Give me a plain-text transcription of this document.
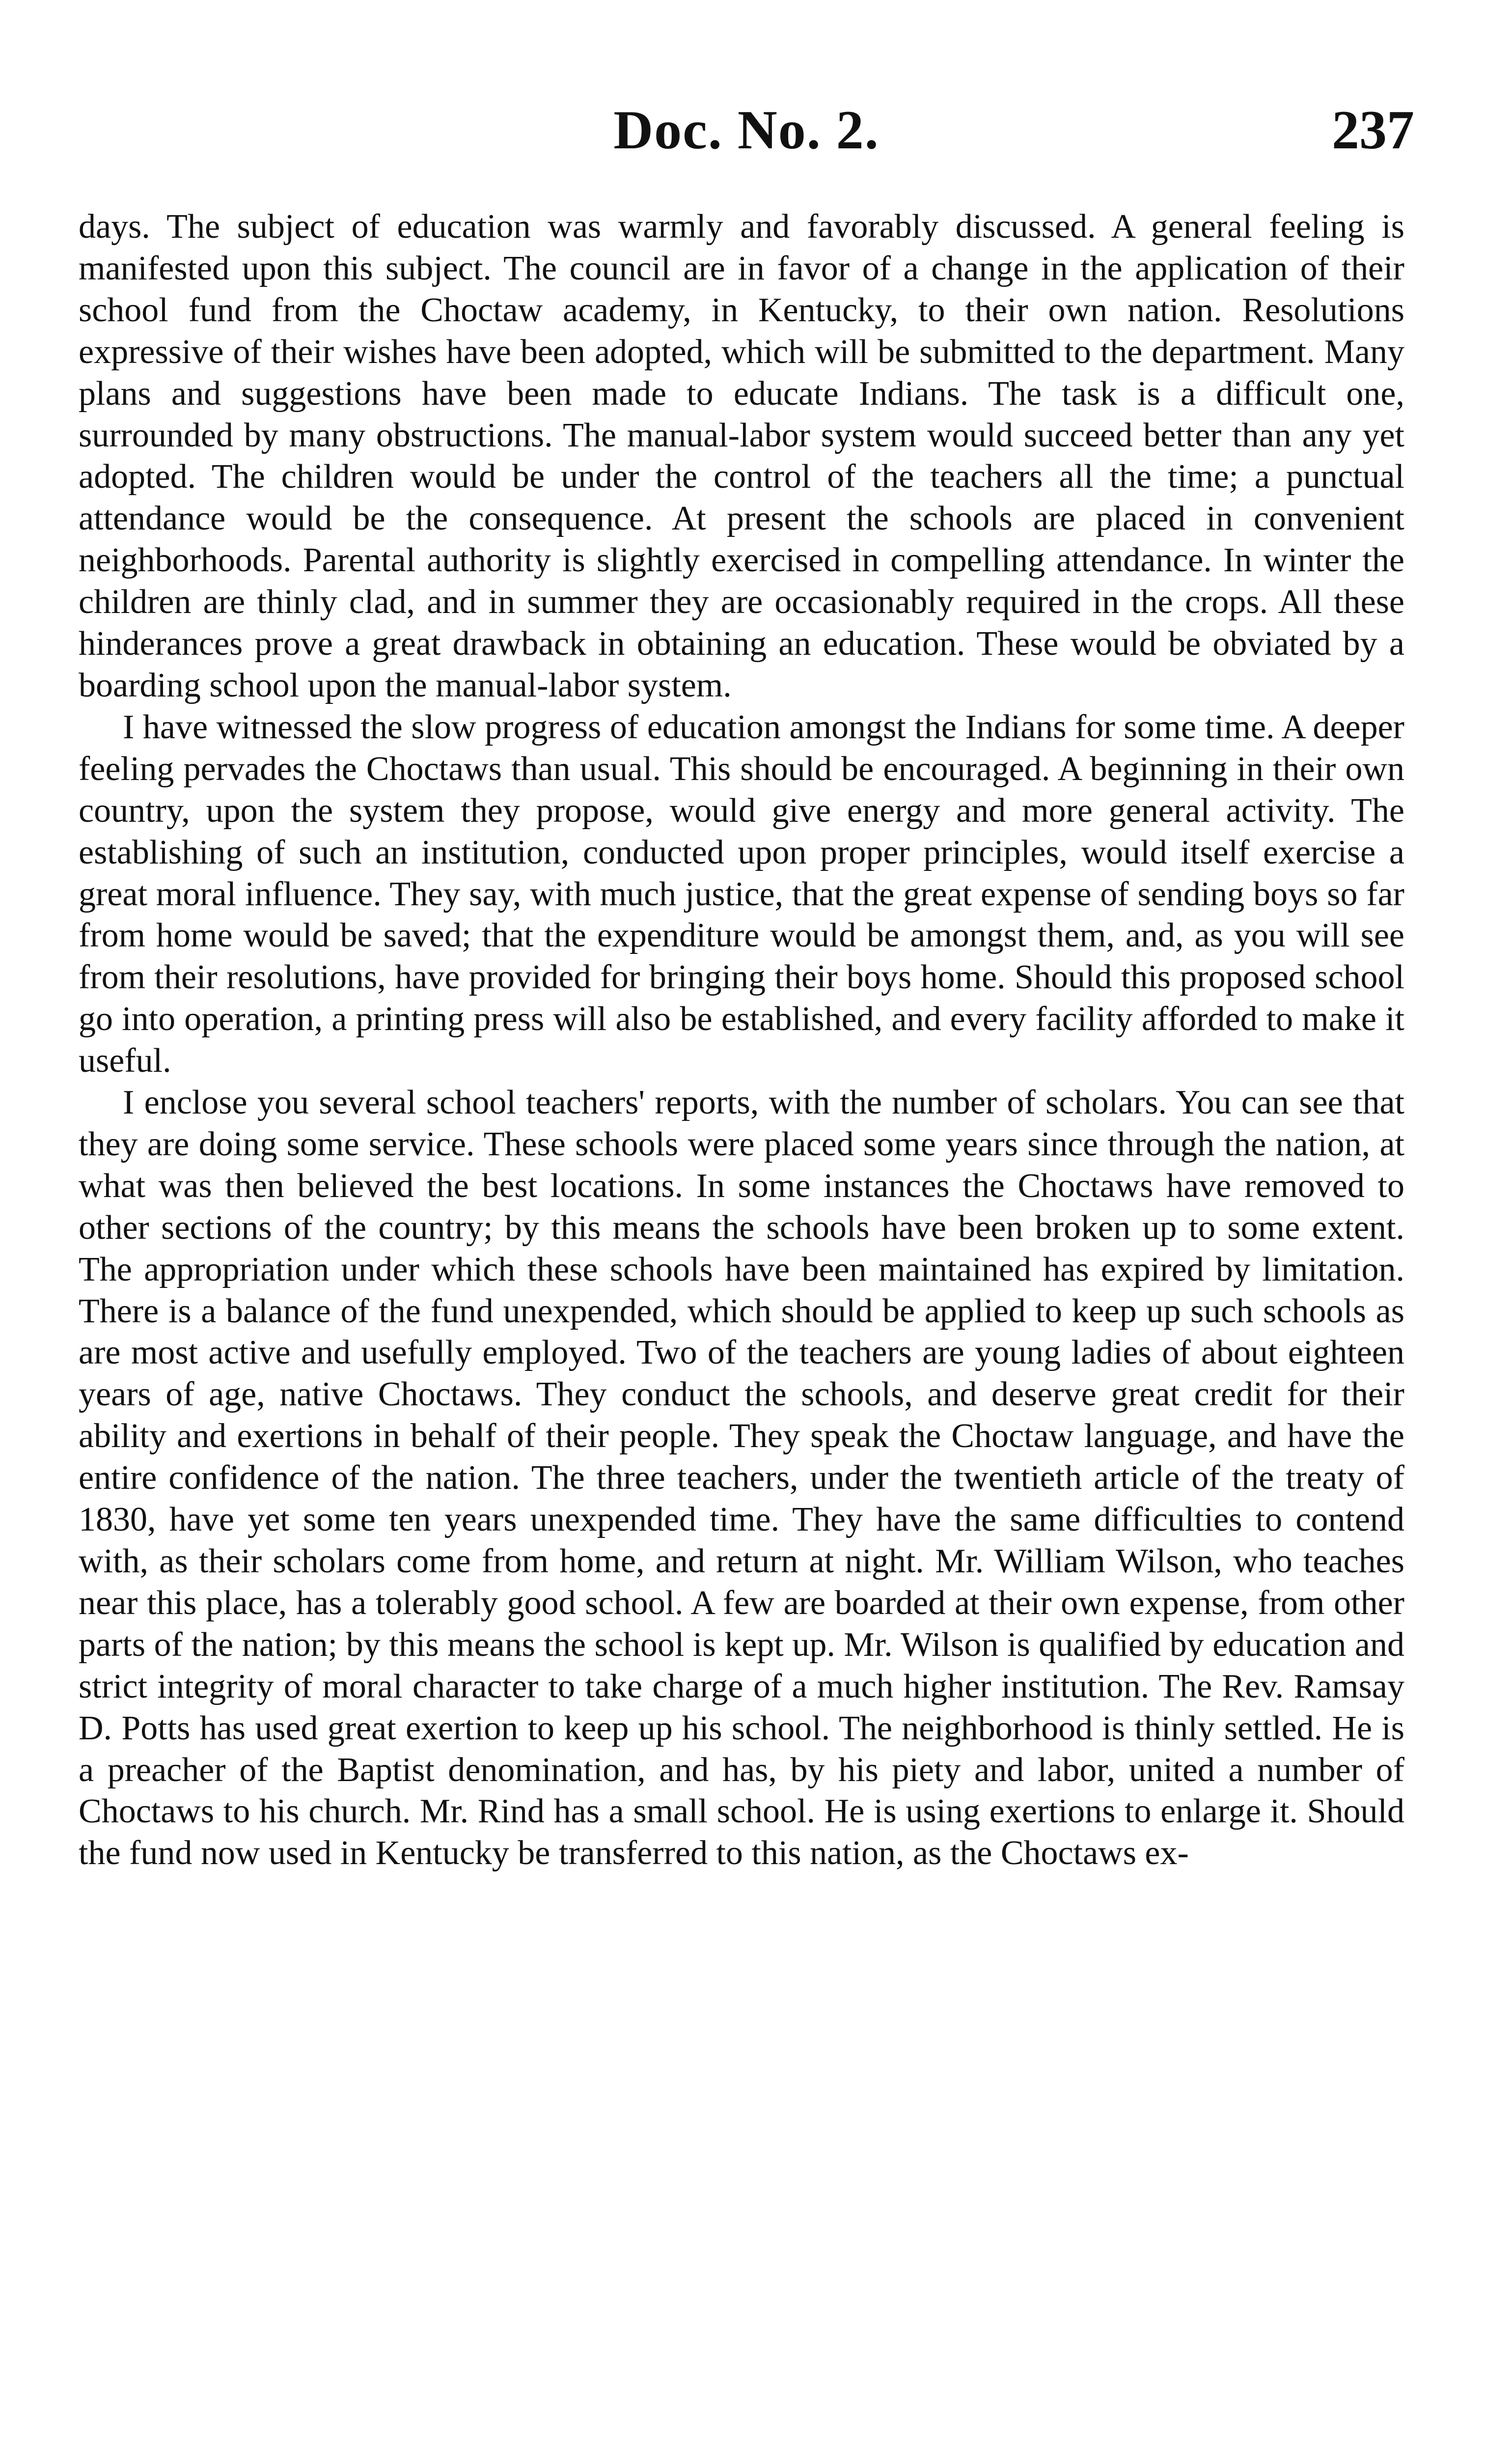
Doc. No. 2.	237

days. The subject of education was warmly and favorably discussed. A general feeling is manifested upon this subject. The council are in favor of a change in the application of their school fund from the Choctaw academy, in Kentucky, to their own nation. Resolutions expressive of their wishes have been adopted, which will be submitted to the department. Many plans and suggestions have been made to educate Indians. The task is a difficult one, surrounded by many obstructions. The manual-labor system would succeed better than any yet adopted. The children would be under the control of the teachers all the time; a punctual attendance would be the consequence. At present the schools are placed in convenient neighborhoods. Parental authority is slightly exercised in compelling attendance. In winter the children are thinly clad, and in summer they are occasionably required in the crops. All these hinderances prove a great drawback in obtaining an education. These would be obviated by a boarding school upon the manual-labor system.

I have witnessed the slow progress of education amongst the Indians for some time. A deeper feeling pervades the Choctaws than usual. This should be encouraged. A beginning in their own country, upon the system they propose, would give energy and more general activity. The establishing of such an institution, conducted upon proper principles, would itself exercise a great moral influence. They say, with much justice, that the great expense of sending boys so far from home would be saved; that the expenditure would be amongst them, and, as you will see from their resolutions, have provided for bringing their boys home. Should this proposed school go into operation, a printing press will also be established, and every facility afforded to make it useful.

I enclose you several school teachers' reports, with the number of scholars. You can see that they are doing some service. These schools were placed some years since through the nation, at what was then believed the best locations. In some instances the Choctaws have removed to other sections of the country; by this means the schools have been broken up to some extent. The appropriation under which these schools have been maintained has expired by limitation. There is a balance of the fund unexpended, which should be applied to keep up such schools as are most active and usefully employed. Two of the teachers are young ladies of about eighteen years of age, native Choctaws. They conduct the schools, and deserve great credit for their ability and exertions in behalf of their people. They speak the Choctaw language, and have the entire confidence of the nation. The three teachers, under the twentieth article of the treaty of 1830, have yet some ten years unexpended time. They have the same difficulties to contend with, as their scholars come from home, and return at night. Mr. William Wilson, who teaches near this place, has a tolerably good school. A few are boarded at their own expense, from other parts of the nation; by this means the school is kept up. Mr. Wilson is qualified by education and strict integrity of moral character to take charge of a much higher institution. The Rev. Ramsay D. Potts has used great exertion to keep up his school. The neighborhood is thinly settled. He is a preacher of the Baptist denomination, and has, by his piety and labor, united a number of Choctaws to his church. Mr. Rind has a small school. He is using exertions to enlarge it. Should the fund now used in Kentucky be transferred to this nation, as the Choctaws ex-
